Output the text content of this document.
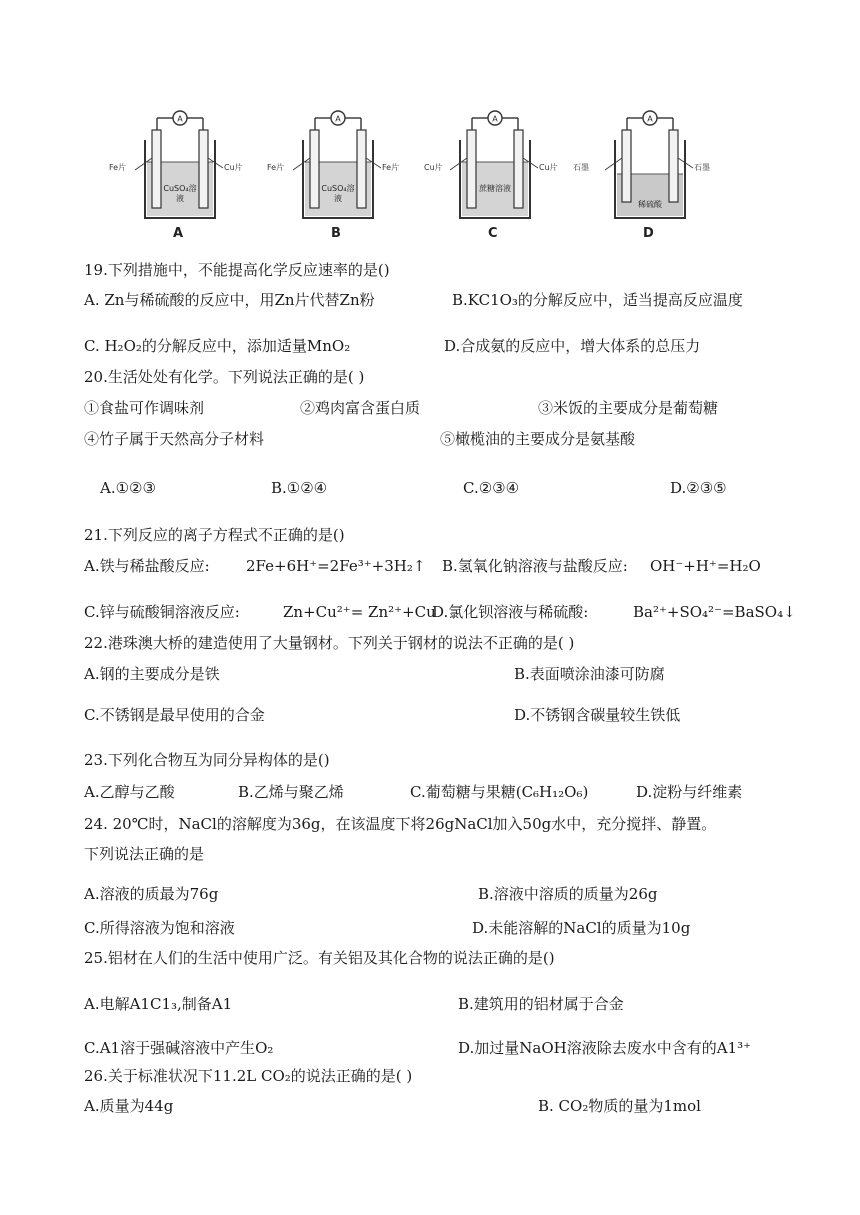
A
Fe片	Cu片
CuSO₄溶液
A
A
Fe片	Fe片
CuSO₄溶液
B
A
Cu片	Cu片
蔗糖溶液
C
A
石墨	石墨
稀硫酸
D
19.下列措施中，不能提高化学反应速率的是()
A. Zn与稀硫酸的反应中，用Zn片代替Zn粉	B.KC1O₃的分解反应中，适当提高反应温度
C. H₂O₂的分解反应中，添加适量MnO₂	D.合成氨的反应中，增大体系的总压力
20.生活处处有化学。下列说法正确的是( )
①食盐可作调味剂	②鸡肉富含蛋白质	③米饭的主要成分是葡萄糖
④竹子属于天然高分子材料	⑤橄榄油的主要成分是氨基酸
A.①②③	B.①②④	C.②③④	D.②③⑤
21.下列反应的离子方程式不正确的是()
A.铁与稀盐酸反应: 2Fe+6H⁺=2Fe³⁺+3H₂↑ B.氢氧化钠溶液与盐酸反应: OH⁻+H⁺=H₂O
C.锌与硫酸铜溶液反应:	Zn+Cu²⁺= Zn²⁺+Cu
D.氯化钡溶液与稀硫酸:	Ba²⁺+SO₄²⁻=BaSO₄↓
22.港珠澳大桥的建造使用了大量钢材。下列关于钢材的说法不正确的是( )
A.钢的主要成分是铁	B.表面喷涂油漆可防腐
C.不锈钢是最早使用的合金	D.不锈钢含碳量较生铁低
23.下列化合物互为同分异构体的是()
A.乙醇与乙酸	B.乙烯与聚乙烯	C.葡萄糖与果糖(C₆H₁₂O₆)	D.淀粉与纤维素
24. 20℃时，NaCl的溶解度为36g，在该温度下将26gNaCl加入50g水中，充分搅拌、静置。
下列说法正确的是
A.溶液的质最为76g	B.溶液中溶质的质量为26g
C.所得溶液为饱和溶液	D.未能溶解的NaCl的质量为10g
25.铝材在人们的生活中使用广泛。有关铝及其化合物的说法正确的是()
A.电解A1C1₃,制备A1	B.建筑用的铝材属于合金
C.A1溶于强碱溶液中产生O₂	D.加过量NaOH溶液除去废水中含有的A1³⁺
26.关于标准状况下11.2L CO₂的说法正确的是( )
A.质量为44g	B. CO₂物质的量为1mol
